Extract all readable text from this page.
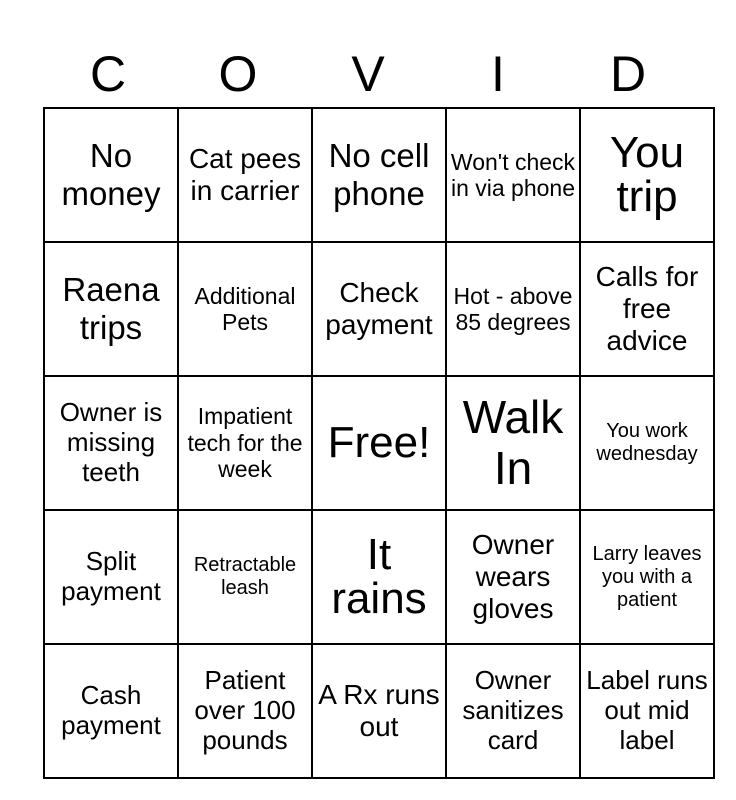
C	O	V	I	D
No money	Cat pees in carrier	No cell phone	Won't check in via phone	You trip
Raena trips	Additional Pets	Check payment	Hot - above 85 degrees	Calls for free advice
Owner is missing teeth	Impatient tech for the week	Free!	Walk In	You work wednesday
Split payment	Retractable leash	It rains	Owner wears gloves	Larry leaves you with a patient
Cash payment	Patient over 100 pounds	A Rx runs out	Owner sanitizes card	Label runs out mid label
